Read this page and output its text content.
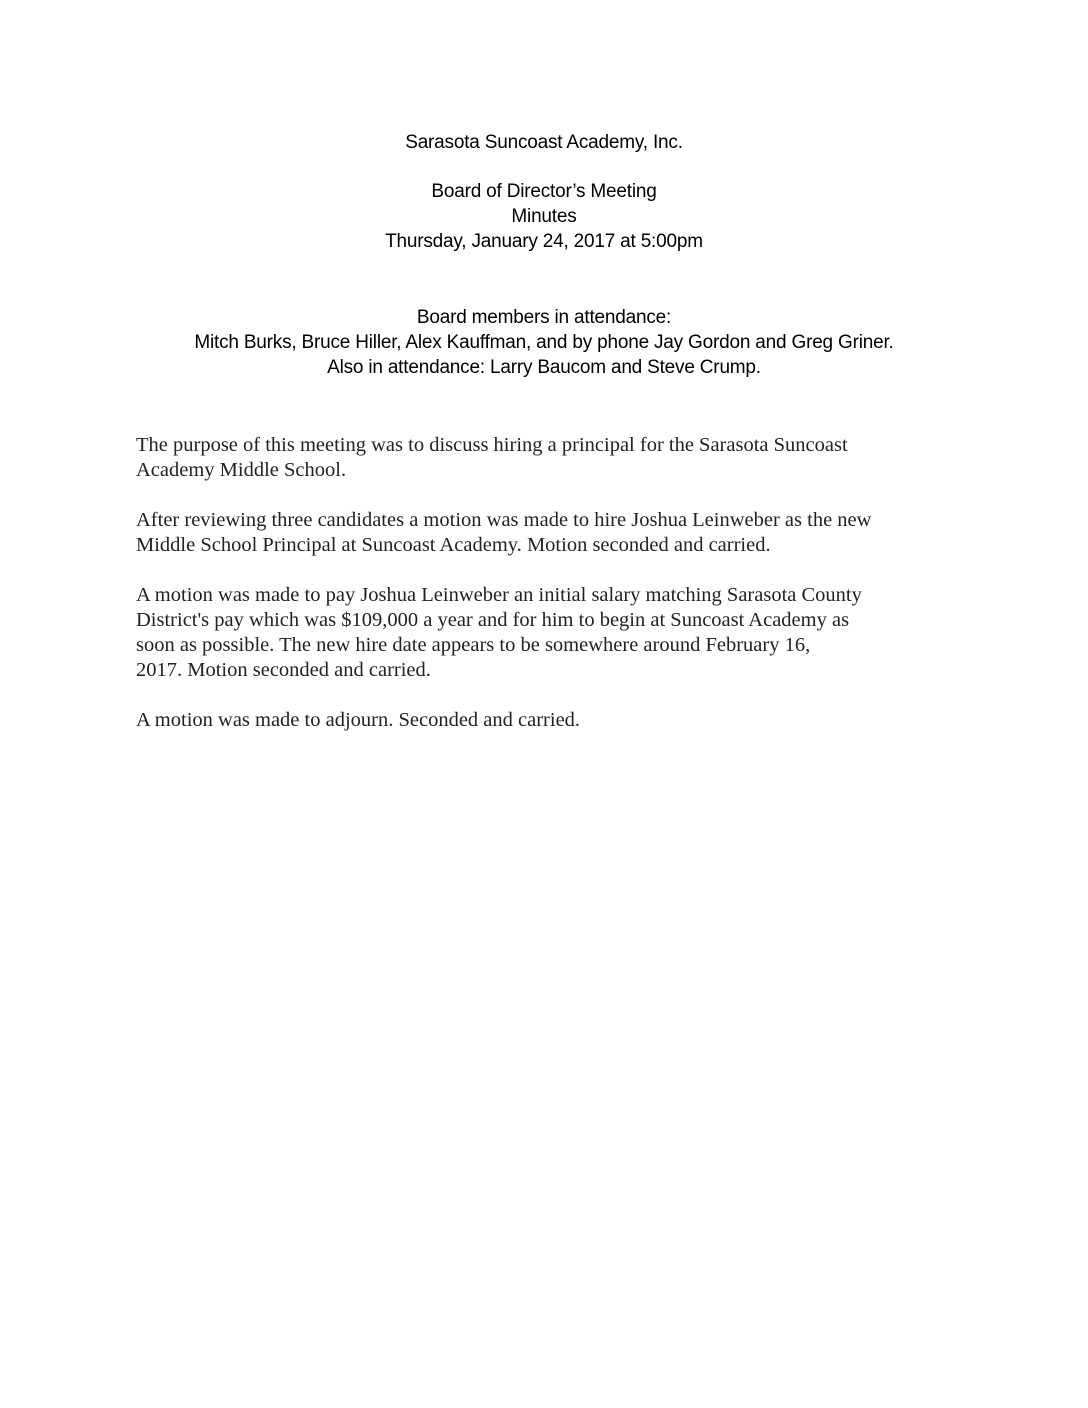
Sarasota Suncoast Academy, Inc.
Board of Director’s Meeting
Minutes
Thursday, January 24, 2017 at 5:00pm
Board members in attendance:
Mitch Burks, Bruce Hiller, Alex Kauffman, and by phone Jay Gordon and Greg Griner.
Also in attendance: Larry Baucom and Steve Crump.
The purpose of this meeting was to discuss hiring a principal for the Sarasota Suncoast
Academy Middle School.
After reviewing three candidates a motion was made to hire Joshua Leinweber as the new
Middle School Principal at Suncoast Academy. Motion seconded and carried.
A motion was made to pay Joshua Leinweber an initial salary matching Sarasota County
District's pay which was $109,000 a year and for him to begin at Suncoast Academy as
soon as possible. The new hire date appears to be somewhere around February 16,
2017. Motion seconded and carried.
A motion was made to adjourn. Seconded and carried.
